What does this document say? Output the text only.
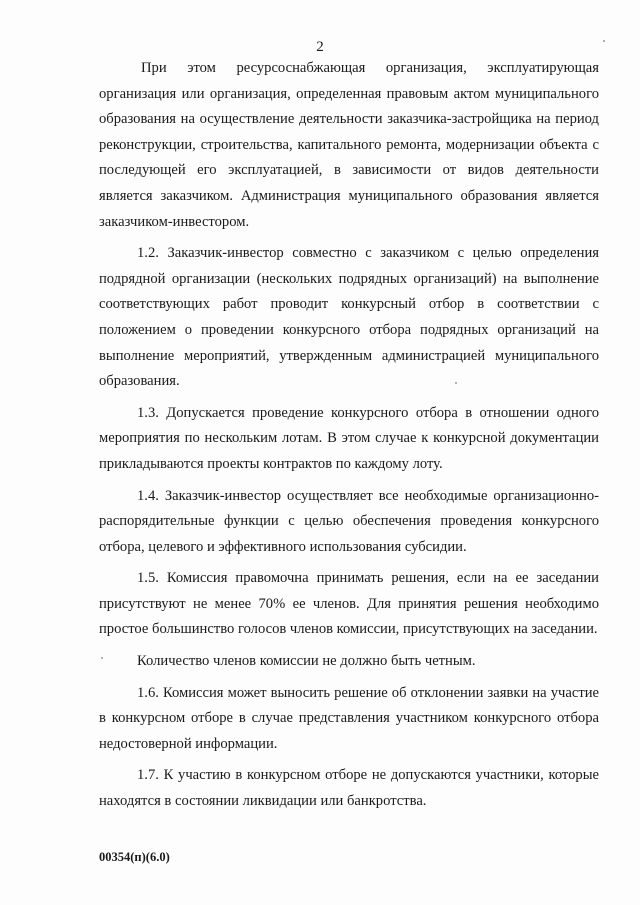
2

При этом ресурсоснабжающая организация, эксплуатирующая организация или организация, определенная правовым актом муниципального образования на осуществление деятельности заказчика-застройщика на период реконструкции, строительства, капитального ремонта, модернизации объекта с последующей его эксплуатацией, в зависимости от видов деятельности является заказчиком. Администрация муниципального образования является заказчиком-инвестором.

1.2. Заказчик-инвестор совместно с заказчиком с целью определения подрядной организации (нескольких подрядных организаций) на выполнение соответствующих работ проводит конкурсный отбор в соответствии с положением о проведении конкурсного отбора подрядных организаций на выполнение мероприятий, утвержденным администрацией муниципального образования.

1.3. Допускается проведение конкурсного отбора в отношении одного мероприятия по нескольким лотам. В этом случае к конкурсной документации прикладываются проекты контрактов по каждому лоту.

1.4. Заказчик-инвестор осуществляет все необходимые организационно-распорядительные функции с целью обеспечения проведения конкурсного отбора, целевого и эффективного использования субсидии.

1.5. Комиссия правомочна принимать решения, если на ее заседании присутствуют не менее 70% ее членов. Для принятия решения необходимо простое большинство голосов членов комиссии, присутствующих на заседании.

Количество членов комиссии не должно быть четным.

1.6. Комиссия может выносить решение об отклонении заявки на участие в конкурсном отборе в случае представления участником конкурсного отбора недостоверной информации.

1.7. К участию в конкурсном отборе не допускаются участники, которые находятся в состоянии ликвидации или банкротства.

00354(п)(6.0)
